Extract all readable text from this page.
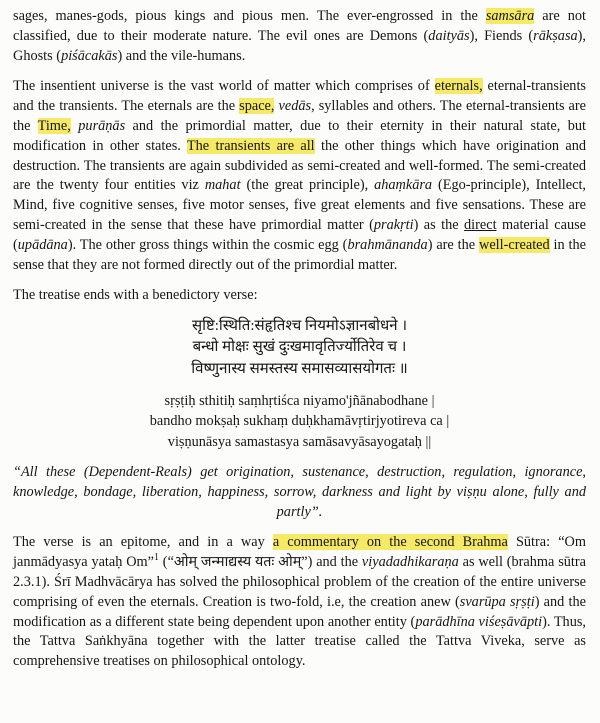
sages, manes-gods, pious kings and pious men. The ever-engrossed in the samsāra are not classified, due to their moderate nature. The evil ones are Demons (daityās), Fiends (rākṣasa), Ghosts (piśācakās) and the vile-humans.

The insentient universe is the vast world of matter which comprises of eternals, eternal-transients and the transients. The eternals are the space, vedās, syllables and others. The eternal-transients are the Time, purāṇās and the primordial matter, due to their eternity in their natural state, but modification in other states. The transients are all the other things which have origination and destruction. The transients are again subdivided as semi-created and well-formed. The semi-created are the twenty four entities viz mahat (the great principle), ahaṃkāra (Ego-principle), Intellect, Mind, five cognitive senses, five motor senses, five great elements and five sensations. These are semi-created in the sense that these have primordial matter (prakṛti) as the direct material cause (upādāna). The other gross things within the cosmic egg (brahmānanda) are the well-created in the sense that they are not formed directly out of the primordial matter.

The treatise ends with a benedictory verse:

सृष्टि:स्थिति:संहृतिश्च नियमोऽज्ञानबोधने ।
बन्धो मोक्षः सुखं दुःखमावृतिर्ज्योतिरेव च ।
विष्णुनास्य समस्तस्य समासव्यासयोगतः ॥
sṛṣṭiḥ sthitiḥ saṃhṛtiśca niyamo'jñānabodhane |
bandho mokṣaḥ sukhaṃ duḥkhamāvṛtirjyotireva ca |
viṣṇunāsya samastasya samāsavyāsayogataḥ ||

“All these (Dependent-Reals) get origination, sustenance, destruction, regulation, ignorance, knowledge, bondage, liberation, happiness, sorrow, darkness and light by viṣṇu alone, fully and partly”.

The verse is an epitome, and in a way a commentary on the second Brahma Sūtra: “Om janmādyasya yataḥ Om”$^1$ (“ओम् जन्माद्यस्य यतः ओम्”) and the viyadadhikaraṇa as well (brahma sūtra 2.3.1). Śrī Madhvācārya has solved the philosophical problem of the creation of the entire universe comprising of even the eternals. Creation is two-fold, i.e, the creation anew (svarūpa sṛṣṭi) and the modification as a different state being dependent upon another entity (parādhīna viśeṣāvāpti). Thus, the Tattva Saṅkhyāna together with the latter treatise called the Tattva Viveka, serve as comprehensive treatises on philosophical ontology.
